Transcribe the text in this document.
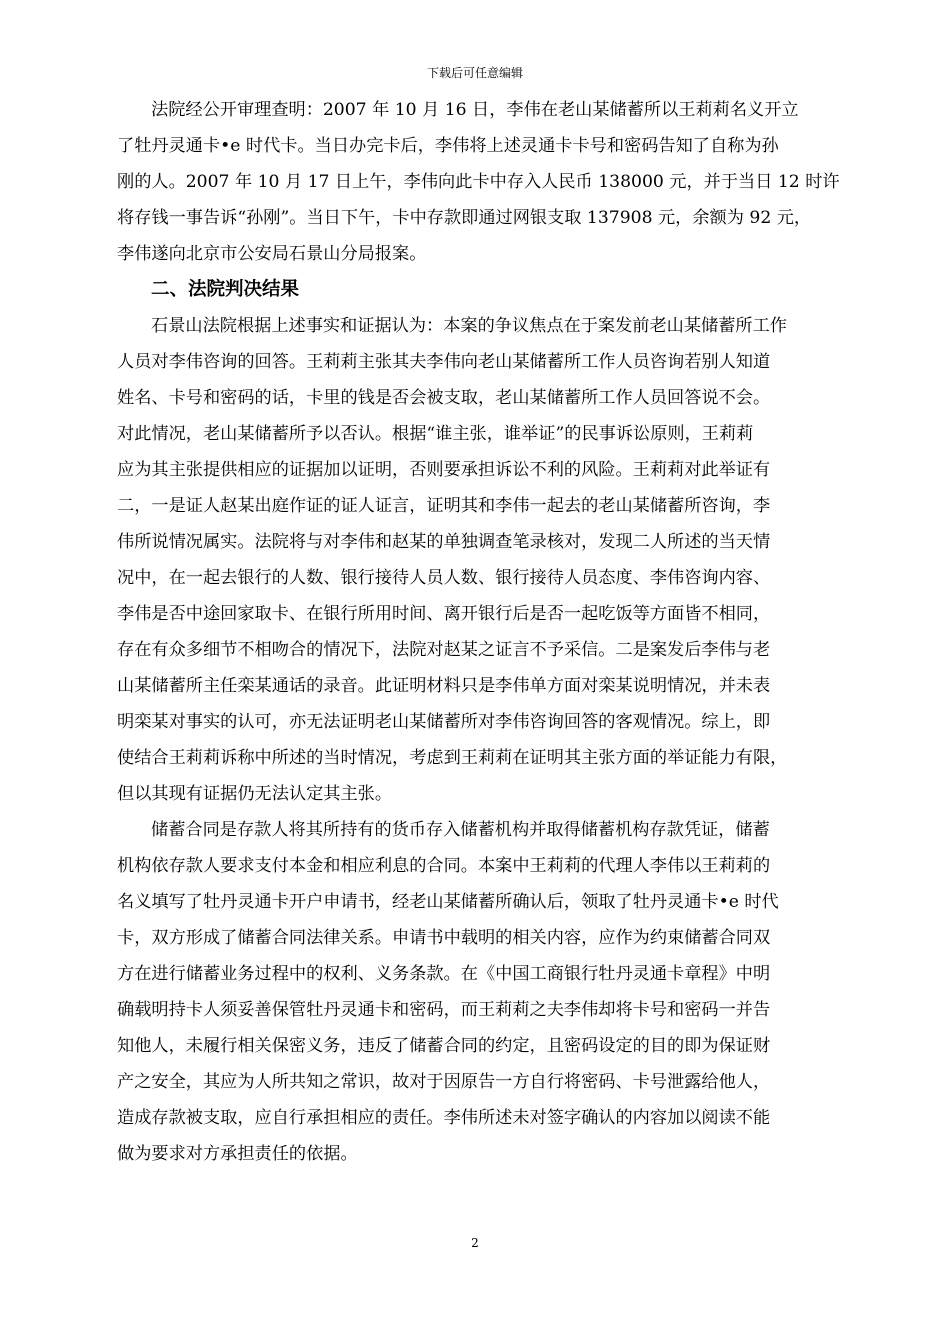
下载后可任意编辑
法院经公开审理查明：2007 年 10 月 16 日，李伟在老山某储蓄所以王莉莉名义开立
了牡丹灵通卡•e 时代卡。当日办完卡后，李伟将上述灵通卡卡号和密码告知了自称为孙
刚的人。2007 年 10 月 17 日上午，李伟向此卡中存入人民币 138000 元，并于当日 12 时许
将存钱一事告诉“孙刚”。当日下午，卡中存款即通过网银支取 137908 元，余额为 92 元，
李伟遂向北京市公安局石景山分局报案。
二、法院判决结果
石景山法院根据上述事实和证据认为：本案的争议焦点在于案发前老山某储蓄所工作
人员对李伟咨询的回答。王莉莉主张其夫李伟向老山某储蓄所工作人员咨询若别人知道
姓名、卡号和密码的话，卡里的钱是否会被支取，老山某储蓄所工作人员回答说不会。
对此情况，老山某储蓄所予以否认。根据“谁主张，谁举证”的民事诉讼原则，王莉莉
应为其主张提供相应的证据加以证明，否则要承担诉讼不利的风险。王莉莉对此举证有
二，一是证人赵某出庭作证的证人证言，证明其和李伟一起去的老山某储蓄所咨询，李
伟所说情况属实。法院将与对李伟和赵某的单独调查笔录核对，发现二人所述的当天情
况中，在一起去银行的人数、银行接待人员人数、银行接待人员态度、李伟咨询内容、
李伟是否中途回家取卡、在银行所用时间、离开银行后是否一起吃饭等方面皆不相同，
存在有众多细节不相吻合的情况下，法院对赵某之证言不予采信。二是案发后李伟与老
山某储蓄所主任栾某通话的录音。此证明材料只是李伟单方面对栾某说明情况，并未表
明栾某对事实的认可，亦无法证明老山某储蓄所对李伟咨询回答的客观情况。综上，即
使结合王莉莉诉称中所述的当时情况，考虑到王莉莉在证明其主张方面的举证能力有限，
但以其现有证据仍无法认定其主张。
储蓄合同是存款人将其所持有的货币存入储蓄机构并取得储蓄机构存款凭证，储蓄
机构依存款人要求支付本金和相应利息的合同。本案中王莉莉的代理人李伟以王莉莉的
名义填写了牡丹灵通卡开户申请书，经老山某储蓄所确认后，领取了牡丹灵通卡•e 时代
卡，双方形成了储蓄合同法律关系。申请书中载明的相关内容，应作为约束储蓄合同双
方在进行储蓄业务过程中的权利、义务条款。在《中国工商银行牡丹灵通卡章程》中明
确载明持卡人须妥善保管牡丹灵通卡和密码，而王莉莉之夫李伟却将卡号和密码一并告
知他人，未履行相关保密义务，违反了储蓄合同的约定，且密码设定的目的即为保证财
产之安全，其应为人所共知之常识，故对于因原告一方自行将密码、卡号泄露给他人，
造成存款被支取，应自行承担相应的责任。李伟所述未对签字确认的内容加以阅读不能
做为要求对方承担责任的依据。
2
